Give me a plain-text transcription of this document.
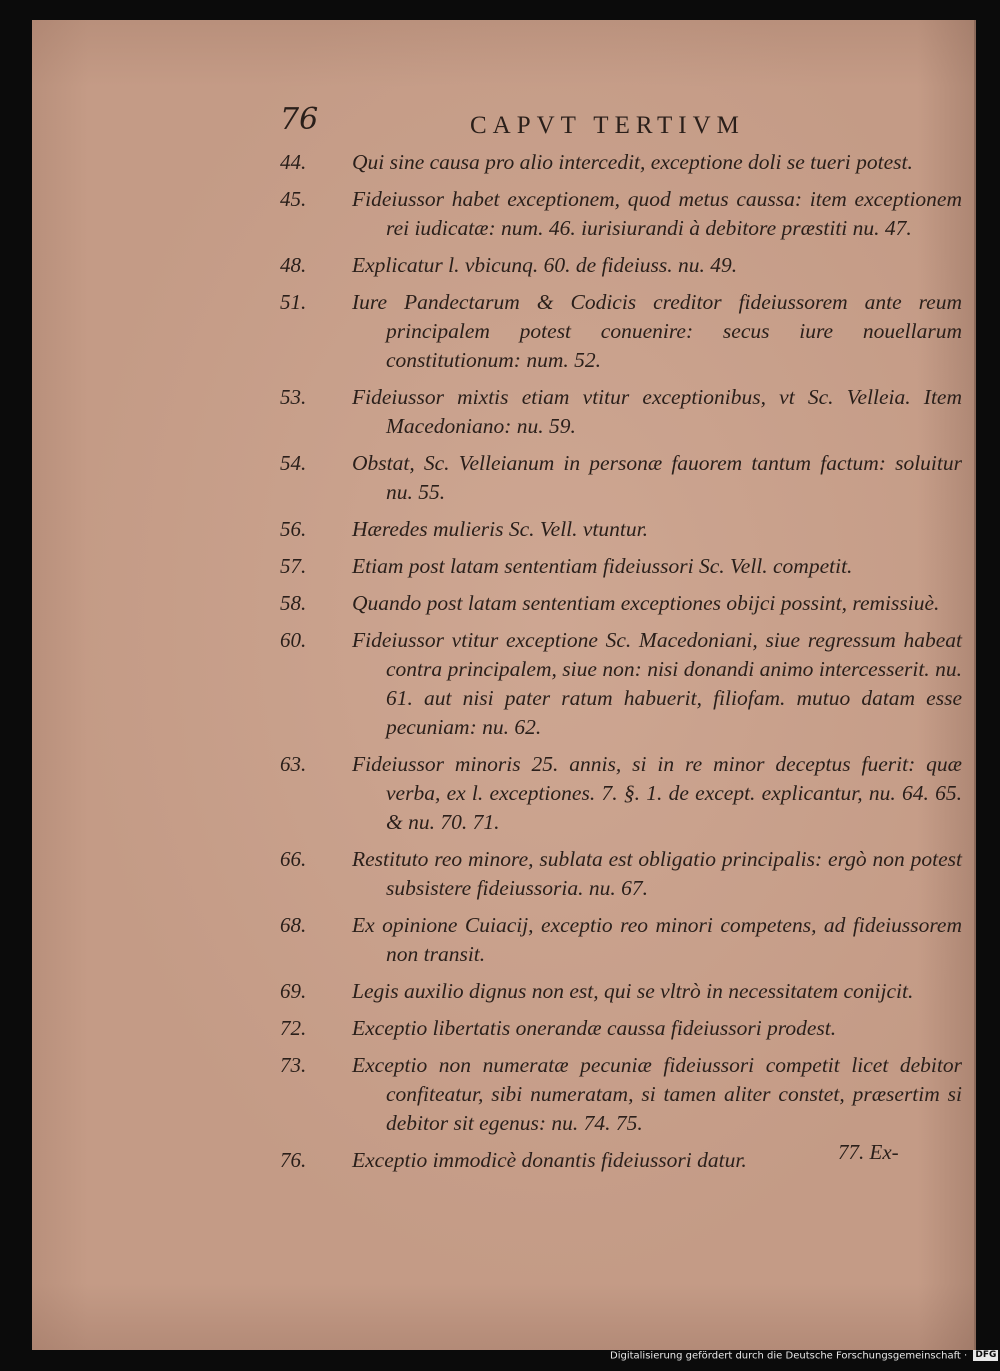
76	CAPVT TERTIVM
44. Qui sine causa pro alio intercedit, exceptione doli se tueri potest.
45. Fideiussor habet exceptionem, quod metus caussa: item exceptionem rei iudicatæ: num. 46. iurisiurandi à debitore præstiti nu. 47.
48. Explicatur l. vbicunq. 60. de fideiuss. nu. 49.
51. Iure Pandectarum & Codicis creditor fideiussorem ante reum principalem potest conuenire: secus iure nouellarum constitutionum: num. 52.
53. Fideiussor mixtis etiam vtitur exceptionibus, vt Sc. Velleia. Item Macedoniano: nu. 59.
54. Obstat, Sc. Velleianum in personæ fauorem tantum factum: soluitur nu. 55.
56. Hæredes mulieris Sc. Vell. vtuntur.
57. Etiam post latam sententiam fideiussori Sc. Vell. competit.
58. Quando post latam sententiam exceptiones obijci possint, remissiuè.
60. Fideiussor vtitur exceptione Sc. Macedoniani, siue regressum habeat contra principalem, siue non: nisi donandi animo intercesserit. nu. 61. aut nisi pater ratum habuerit, filiofam. mutuo datam esse pecuniam: nu. 62.
63. Fideiussor minoris 25. annis, si in re minor deceptus fuerit: quæ verba, ex l. exceptiones. 7. §. 1. de except. explicantur, nu. 64. 65. & nu. 70. 71.
66. Restituto reo minore, sublata est obligatio principalis: ergò non potest subsistere fideiussoria. nu. 67.
68. Ex opinione Cuiacij, exceptio reo minori competens, ad fideiussorem non transit.
69. Legis auxilio dignus non est, qui se vltrò in necessitatem conijcit.
72. Exceptio libertatis onerandæ caussa fideiussori prodest.
73. Exceptio non numeratæ pecuniæ fideiussori competit licet debitor confiteatur, sibi numeratam, si tamen aliter constet, præsertim si debitor sit egenus: nu. 74. 75.
76. Exceptio immodicè donantis fideiussori datur.	77. Ex-
Digitalisierung gefördert durch die Deutsche Forschungsgemeinschaft · DFG
